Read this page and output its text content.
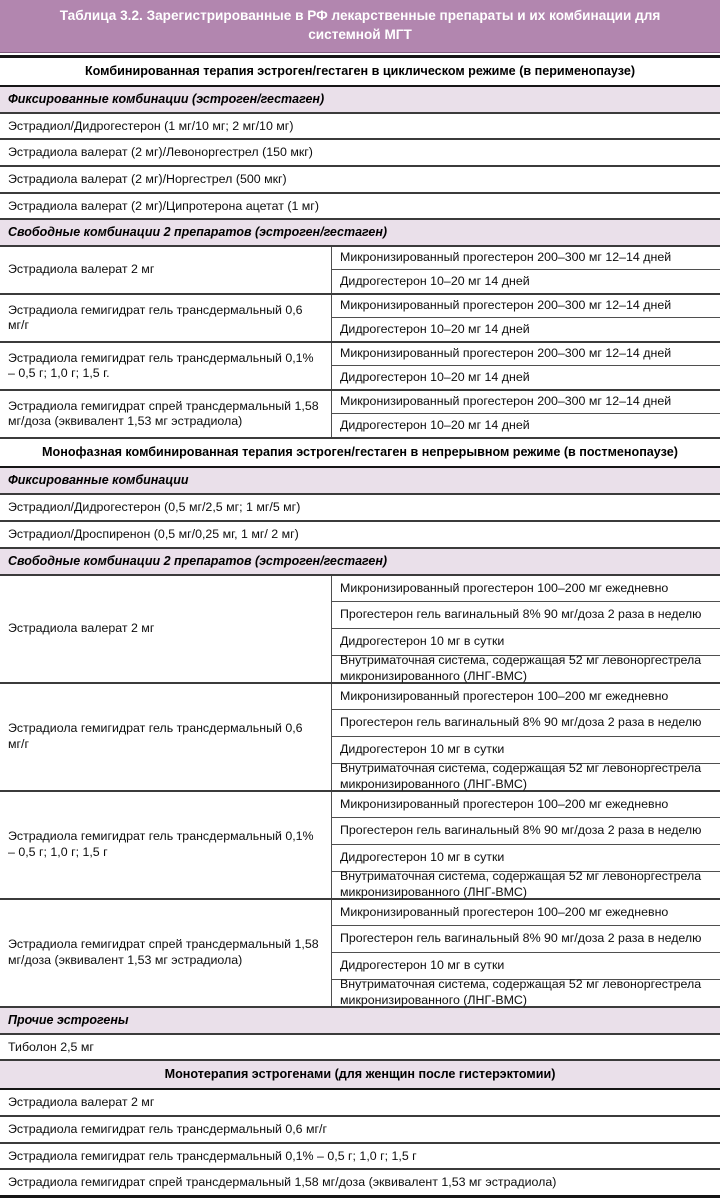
Таблица 3.2. Зарегистрированные в РФ лекарственные препараты и их комбинации для системной МГТ
Комбинированная терапия эстроген/гестаген в циклическом режиме (в перименопаузе)
Фиксированные комбинации (эстроген/гестаген)
Эстрадиол/Дидрогестерон (1 мг/10 мг; 2 мг/10 мг)
Эстрадиола валерат (2 мг)/Левоноргестрел (150 мкг)
Эстрадиола валерат (2 мг)/Норгестрел (500 мкг)
Эстрадиола валерат (2 мг)/Ципротерона ацетат (1 мг)
Свободные комбинации 2 препаратов (эстроген/гестаген)
Эстрадиола валерат 2 мг
Микронизированный прогестерон 200–300 мг 12–14 дней
Дидрогестерон 10–20 мг 14 дней
Эстрадиола гемигидрат гель трансдермальный 0,6 мг/г
Микронизированный прогестерон 200–300 мг 12–14 дней
Дидрогестерон 10–20 мг 14 дней
Эстрадиола гемигидрат гель трансдермальный 0,1% – 0,5 г; 1,0 г; 1,5 г.
Микронизированный прогестерон 200–300 мг 12–14 дней
Дидрогестерон 10–20 мг 14 дней
Эстрадиола гемигидрат спрей трансдермальный 1,58 мг/доза (эквивалент 1,53 мг эстрадиола)
Микронизированный прогестерон 200–300 мг 12–14 дней
Дидрогестерон 10–20 мг 14 дней
Монофазная комбинированная терапия эстроген/гестаген в непрерывном режиме (в постменопаузе)
Фиксированные комбинации
Эстрадиол/Дидрогестерон (0,5 мг/2,5 мг; 1 мг/5 мг)
Эстрадиол/Дроспиренон (0,5 мг/0,25 мг, 1 мг/ 2 мг)
Свободные комбинации 2 препаратов (эстроген/гестаген)
Эстрадиола валерат 2 мг
Микронизированный прогестерон 100–200 мг ежедневно
Прогестерон гель вагинальный 8% 90 мг/доза 2 раза в неделю
Дидрогестерон 10 мг в сутки
Внутриматочная система, содержащая 52 мг левоноргестрела микронизированного (ЛНГ-ВМС)
Эстрадиола гемигидрат гель трансдермальный 0,6 мг/г
Микронизированный прогестерон 100–200 мг ежедневно
Прогестерон гель вагинальный 8% 90 мг/доза 2 раза в неделю
Дидрогестерон 10 мг в сутки
Внутриматочная система, содержащая 52 мг левоноргестрела микронизированного (ЛНГ-ВМС)
Эстрадиола гемигидрат гель трансдермальный 0,1% – 0,5 г; 1,0 г; 1,5 г
Микронизированный прогестерон 100–200 мг ежедневно
Прогестерон гель вагинальный 8% 90 мг/доза 2 раза в неделю
Дидрогестерон 10 мг в сутки
Внутриматочная система, содержащая 52 мг левоноргестрела микронизированного (ЛНГ-ВМС)
Эстрадиола гемигидрат спрей трансдермальный 1,58 мг/доза (эквивалент 1,53 мг эстрадиола)
Микронизированный прогестерон 100–200 мг ежедневно
Прогестерон гель вагинальный 8% 90 мг/доза 2 раза в неделю
Дидрогестерон 10 мг в сутки
Внутриматочная система, содержащая 52 мг левоноргестрела микронизированного (ЛНГ-ВМС)
Прочие эстрогены
Тиболон 2,5 мг
Монотерапия эстрогенами (для женщин после гистерэктомии)
Эстрадиола валерат 2 мг
Эстрадиола гемигидрат гель трансдермальный 0,6 мг/г
Эстрадиола гемигидрат гель трансдермальный 0,1% – 0,5 г; 1,0 г; 1,5 г
Эстрадиола гемигидрат спрей трансдермальный 1,58 мг/доза (эквивалент 1,53 мг эстрадиола)
